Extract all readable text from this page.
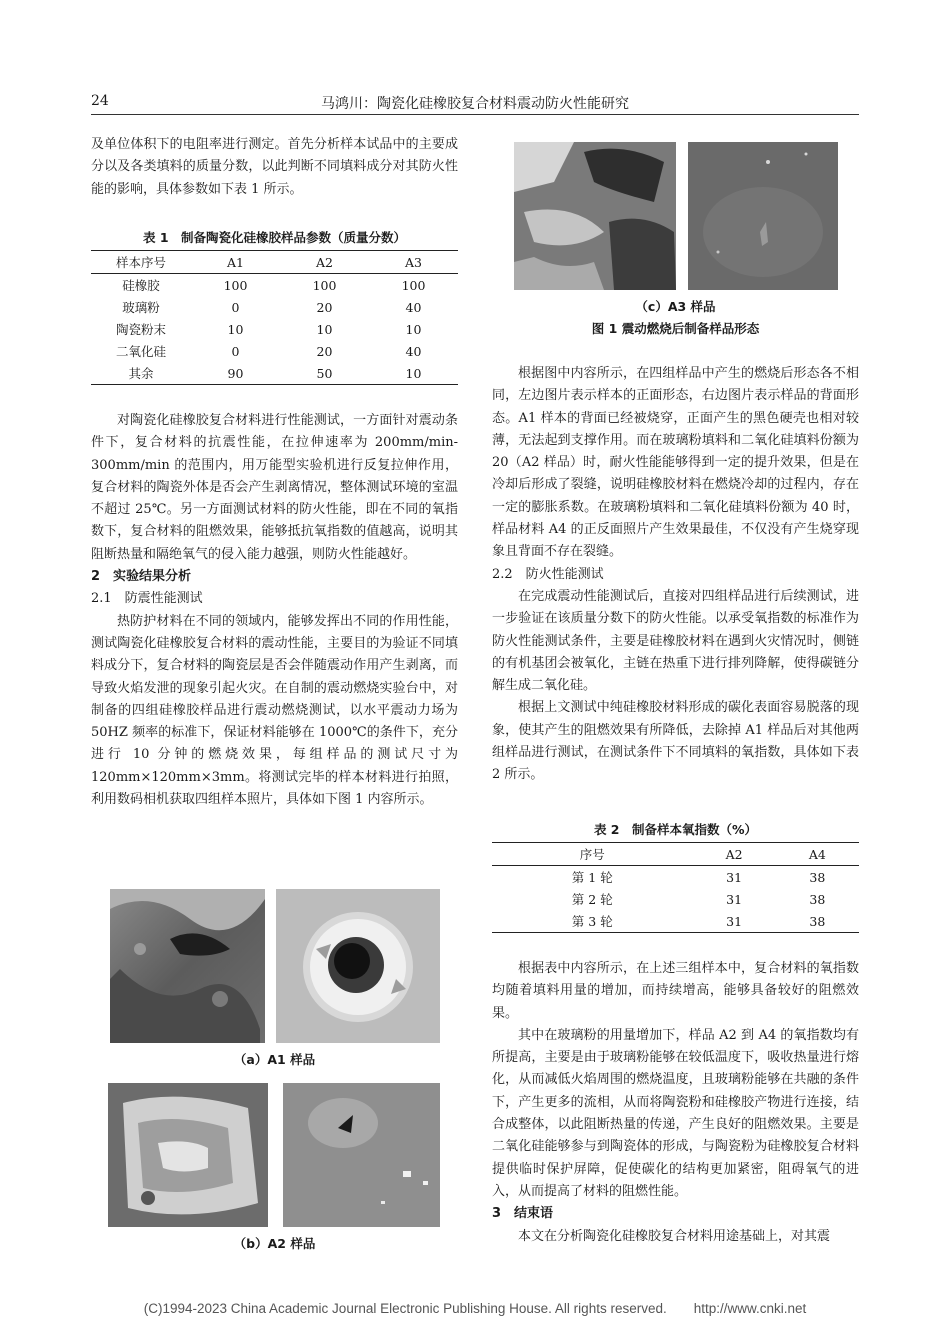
24	马鸿川：陶瓷化硅橡胶复合材料震动防火性能研究

及单位体积下的电阻率进行测定。首先分析样本试品中的主要成分以及各类填料的质量分数，以此判断不同填料成分对其防火性能的影响，具体参数如下表 1 所示。

表 1　制备陶瓷化硅橡胶样品参数（质量分数）
样本序号	A1	A2	A3
硅橡胶	100	100	100
玻璃粉	0	20	40
陶瓷粉末	10	10	10
二氧化硅	0	20	40
其余	90	50	10

对陶瓷化硅橡胶复合材料进行性能测试，一方面针对震动条件下，复合材料的抗震性能，在拉伸速率为 200mm/min-300mm/min 的范围内，用万能型实验机进行反复拉伸作用，复合材料的陶瓷外体是否会产生剥离情况，整体测试环境的室温不超过 25℃。另一方面测试材料的防火性能，即在不同的氧指数下，复合材料的阻燃效果，能够抵抗氧指数的值越高，说明其阻断热量和隔绝氧气的侵入能力越强，则防火性能越好。

2　实验结果分析

2.1　防震性能测试

热防护材料在不同的领域内，能够发挥出不同的作用性能，测试陶瓷化硅橡胶复合材料的震动性能，主要目的为验证不同填料成分下，复合材料的陶瓷层是否会伴随震动作用产生剥离，而导致火焰发泄的现象引起火灾。在自制的震动燃烧实验台中，对制备的四组硅橡胶样品进行震动燃烧测试，以水平震动力场为 50HZ 频率的标准下，保证材料能够在 1000℃的条件下，充分进行 10 分钟的燃烧效果，每组样品的测试尺寸为 120mm×120mm×3mm。将测试完毕的样本材料进行拍照，利用数码相机获取四组样本照片，具体如下图 1 内容所示。

（a）A1 样品
（b）A2 样品
（c）A3 样品
图 1 震动燃烧后制备样品形态

根据图中内容所示，在四组样品中产生的燃烧后形态各不相同，左边图片表示样本的正面形态，右边图片表示样品的背面形态。A1 样本的背面已经被烧穿，正面产生的黑色硬壳也相对较薄，无法起到支撑作用。而在玻璃粉填料和二氧化硅填料份额为 20（A2 样品）时，耐火性能能够得到一定的提升效果，但是在冷却后形成了裂缝，说明硅橡胶材料在燃烧冷却的过程内，存在一定的膨胀系数。在玻璃粉填料和二氧化硅填料份额为 40 时，样品材料 A4 的正反面照片产生效果最佳，不仅没有产生烧穿现象且背面不存在裂缝。

2.2　防火性能测试

在完成震动性能测试后，直接对四组样品进行后续测试，进一步验证在该质量分数下的防火性能。以承受氧指数的标准作为防火性能测试条件，主要是硅橡胶材料在遇到火灾情况时，侧链的有机基团会被氧化，主链在热重下进行排列降解，使得碳链分解生成二氧化硅。

根据上文测试中纯硅橡胶材料形成的碳化表面容易脱落的现象，使其产生的阻燃效果有所降低，去除掉 A1 样品后对其他两组样品进行测试，在测试条件下不同填料的氧指数，具体如下表 2 所示。

表 2　制备样本氧指数（%）
序号	A2	A4
第 1 轮	31	38
第 2 轮	31	38
第 3 轮	31	38

根据表中内容所示，在上述三组样本中，复合材料的氧指数均随着填料用量的增加，而持续增高，能够具备较好的阻燃效果。

其中在玻璃粉的用量增加下，样品 A2 到 A4 的氧指数均有所提高，主要是由于玻璃粉能够在较低温度下，吸收热量进行熔化，从而减低火焰周围的燃烧温度，且玻璃粉能够在共融的条件下，产生更多的流相，从而将陶瓷粉和硅橡胶产物进行连接，结合成整体，以此阻断热量的传递，产生良好的阻燃效果。主要是二氧化硅能够参与到陶瓷体的形成，与陶瓷粉为硅橡胶复合材料提供临时保护屏障，促使碳化的结构更加紧密，阻碍氧气的进入，从而提高了材料的阻燃性能。

3　结束语

本文在分析陶瓷化硅橡胶复合材料用途基础上，对其震

(C)1994-2023 China Academic Journal Electronic Publishing House. All rights reserved.　　http://www.cnki.net
